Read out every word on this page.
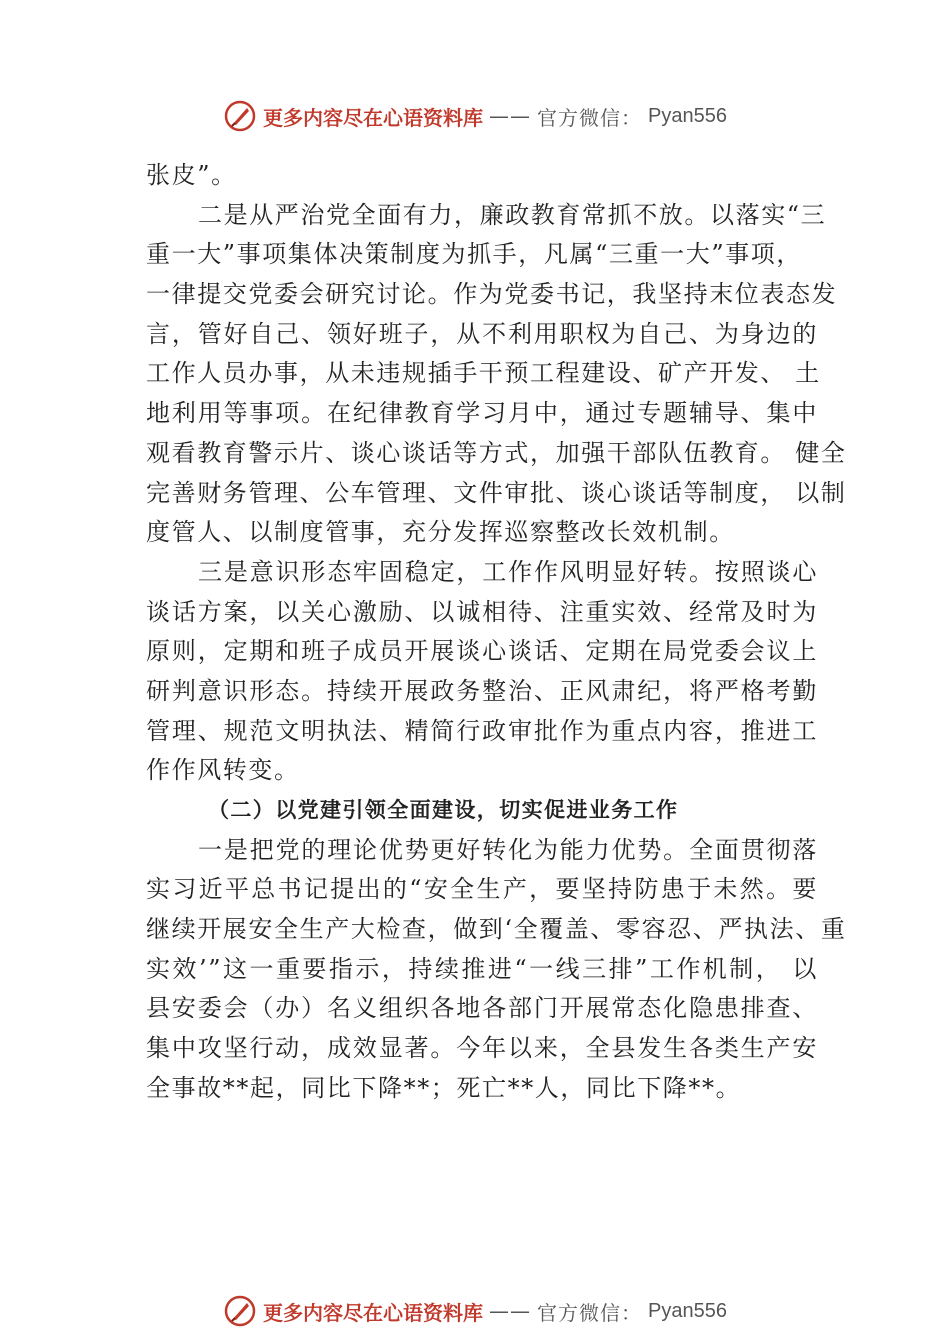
更多内容尽在心语资料库 —— 官方微信： Pyan556
张皮”。
二是从严治党全面有力，廉政教育常抓不放。以落实“三
重一大”事项集体决策制度为抓手，凡属“三重一大”事项，
一律提交党委会研究讨论。作为党委书记，我坚持末位表态发
言，管好自己、领好班子，从不利用职权为自己、为身边的
工作人员办事，从未违规插手干预工程建设、矿产开发、 土
地利用等事项。在纪律教育学习月中，通过专题辅导、集中
观看教育警示片、谈心谈话等方式，加强干部队伍教育。 健全
完善财务管理、公车管理、文件审批、谈心谈话等制度， 以制
度管人、以制度管事，充分发挥巡察整改长效机制。
三是意识形态牢固稳定，工作作风明显好转。按照谈心
谈话方案，以关心激励、以诚相待、注重实效、经常及时为
原则，定期和班子成员开展谈心谈话、定期在局党委会议上
研判意识形态。持续开展政务整治、正风肃纪，将严格考勤
管理、规范文明执法、精简行政审批作为重点内容，推进工
作作风转变。
（二）以党建引领全面建设，切实促进业务工作
一是把党的理论优势更好转化为能力优势。全面贯彻落
实习近平总书记提出的“安全生产，要坚持防患于未然。要
继续开展安全生产大检查，做到‘全覆盖、零容忍、严执法、重
实效’”这一重要指示，持续推进“一线三排”工作机制， 以
县安委会（办）名义组织各地各部门开展常态化隐患排查、
集中攻坚行动，成效显著。今年以来，全县发生各类生产安
全事故**起，同比下降**；死亡**人，同比下降**。
更多内容尽在心语资料库 —— 官方微信： Pyan556
